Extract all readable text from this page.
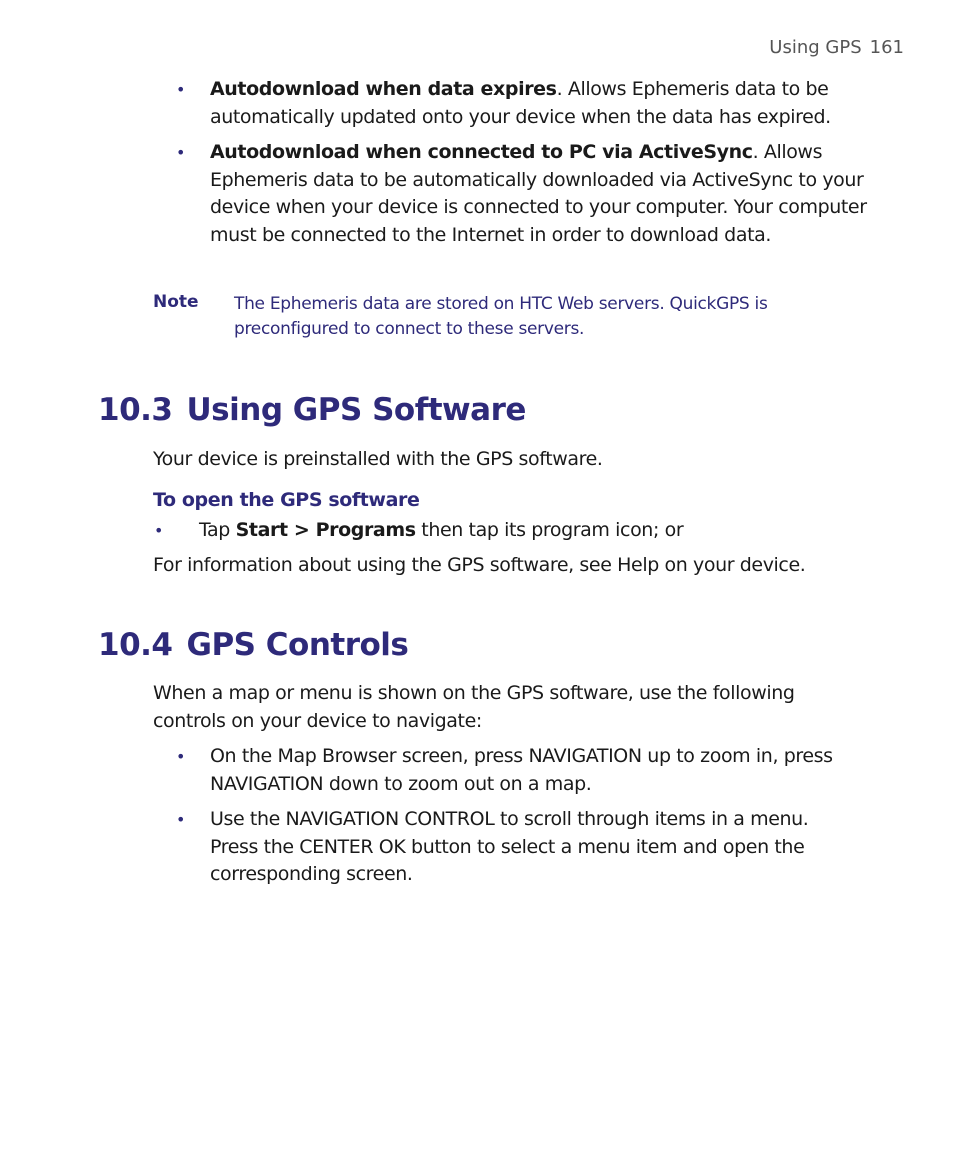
Using GPS 161
• Autodownload when data expires. Allows Ephemeris data to be automatically updated onto your device when the data has expired.
• Autodownload when connected to PC via ActiveSync. Allows Ephemeris data to be automatically downloaded via ActiveSync to your device when your device is connected to your computer. Your computer must be connected to the Internet in order to download data.
Note The Ephemeris data are stored on HTC Web servers. QuickGPS is preconfigured to connect to these servers.
10.3 Using GPS Software
Your device is preinstalled with the GPS software.
To open the GPS software
• Tap Start > Programs then tap its program icon; or
For information about using the GPS software, see Help on your device.
10.4 GPS Controls
When a map or menu is shown on the GPS software, use the following controls on your device to navigate:
• On the Map Browser screen, press NAVIGATION up to zoom in, press NAVIGATION down to zoom out on a map.
• Use the NAVIGATION CONTROL to scroll through items in a menu. Press the CENTER OK button to select a menu item and open the corresponding screen.
